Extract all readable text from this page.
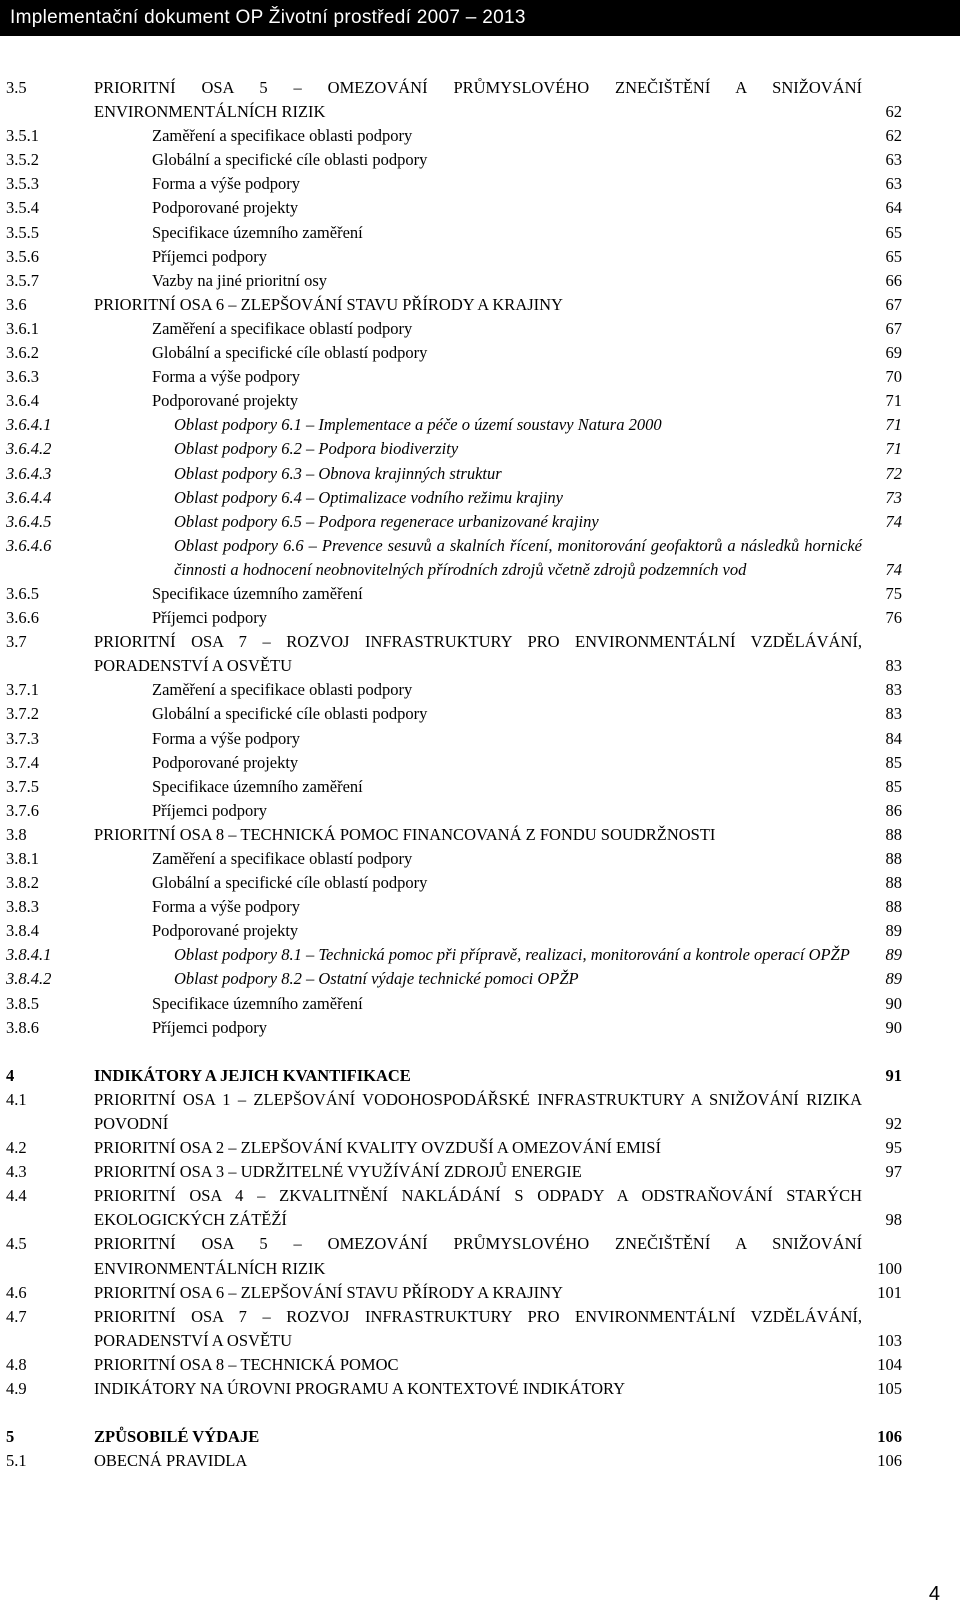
Implementační dokument OP Životní prostředí 2007 – 2013
3.5	PRIORITNÍ OSA 5 – OMEZOVÁNÍ PRŮMYSLOVÉHO ZNEČIŠTĚNÍ A SNIŽOVÁNÍ ENVIRONMENTÁLNÍCH RIZIK	62
3.5.1	Zaměření a specifikace oblasti podpory	62
3.5.2	Globální a specifické cíle oblasti podpory	63
3.5.3	Forma a výše podpory	63
3.5.4	Podporované projekty	64
3.5.5	Specifikace územního zaměření	65
3.5.6	Příjemci podpory	65
3.5.7	Vazby na jiné prioritní osy	66
3.6	PRIORITNÍ OSA 6 – ZLEPŠOVÁNÍ STAVU PŘÍRODY A KRAJINY	67
3.6.1	Zaměření a specifikace oblastí podpory	67
3.6.2	Globální a specifické cíle oblastí podpory	69
3.6.3	Forma a výše podpory	70
3.6.4	Podporované projekty	71
3.6.4.1	Oblast podpory 6.1 – Implementace a péče o území soustavy Natura 2000	71
3.6.4.2	Oblast podpory 6.2 – Podpora biodiverzity	71
3.6.4.3	Oblast podpory 6.3 – Obnova krajinných struktur	72
3.6.4.4	Oblast podpory 6.4 – Optimalizace vodního režimu krajiny	73
3.6.4.5	Oblast podpory 6.5 – Podpora regenerace urbanizované krajiny	74
3.6.4.6	Oblast podpory 6.6 – Prevence sesuvů a skalních řícení, monitorování geofaktorů a následků hornické činnosti a hodnocení neobnovitelných přírodních zdrojů včetně zdrojů podzemních vod	74
3.6.5	Specifikace územního zaměření	75
3.6.6	Příjemci podpory	76
3.7	PRIORITNÍ OSA 7 – ROZVOJ INFRASTRUKTURY PRO ENVIRONMENTÁLNÍ VZDĚLÁVÁNÍ, PORADENSTVÍ A OSVĚTU	83
3.7.1	Zaměření a specifikace oblasti podpory	83
3.7.2	Globální a specifické cíle oblasti podpory	83
3.7.3	Forma a výše podpory	84
3.7.4	Podporované projekty	85
3.7.5	Specifikace územního zaměření	85
3.7.6	Příjemci podpory	86
3.8	PRIORITNÍ OSA 8 – TECHNICKÁ POMOC FINANCOVANÁ Z FONDU SOUDRŽNOSTI	88
3.8.1	Zaměření a specifikace oblastí podpory	88
3.8.2	Globální a specifické cíle oblastí podpory	88
3.8.3	Forma a výše podpory	88
3.8.4	Podporované projekty	89
3.8.4.1	Oblast podpory 8.1 – Technická pomoc při přípravě, realizaci, monitorování a kontrole operací OPŽP	89
3.8.4.2	Oblast podpory 8.2 – Ostatní výdaje technické pomoci OPŽP	89
3.8.5	Specifikace územního zaměření	90
3.8.6	Příjemci podpory	90
4	INDIKÁTORY A JEJICH KVANTIFIKACE	91
4.1	PRIORITNÍ OSA 1 – ZLEPŠOVÁNÍ VODOHOSPODÁŘSKÉ INFRASTRUKTURY A SNIŽOVÁNÍ RIZIKA POVODNÍ	92
4.2	PRIORITNÍ OSA 2 – ZLEPŠOVÁNÍ KVALITY OVZDUŠÍ A OMEZOVÁNÍ EMISÍ	95
4.3	PRIORITNÍ OSA 3 – UDRŽITELNÉ VYUŽÍVÁNÍ ZDROJŮ ENERGIE	97
4.4	PRIORITNÍ OSA 4 – ZKVALITNĚNÍ NAKLÁDÁNÍ S ODPADY A ODSTRAŇOVÁNÍ STARÝCH EKOLOGICKÝCH ZÁTĚŽÍ	98
4.5	PRIORITNÍ OSA 5 – OMEZOVÁNÍ PRŮMYSLOVÉHO ZNEČIŠTĚNÍ A SNIŽOVÁNÍ ENVIRONMENTÁLNÍCH RIZIK	100
4.6	PRIORITNÍ OSA 6 – ZLEPŠOVÁNÍ STAVU PŘÍRODY A KRAJINY	101
4.7	PRIORITNÍ OSA 7 – ROZVOJ INFRASTRUKTURY PRO ENVIRONMENTÁLNÍ VZDĚLÁVÁNÍ, PORADENSTVÍ A OSVĚTU	103
4.8	PRIORITNÍ OSA 8 – TECHNICKÁ POMOC	104
4.9	INDIKÁTORY NA ÚROVNI PROGRAMU A KONTEXTOVÉ INDIKÁTORY	105
5	ZPŮSOBILÉ VÝDAJE	106
5.1	OBECNÁ PRAVIDLA	106
4
